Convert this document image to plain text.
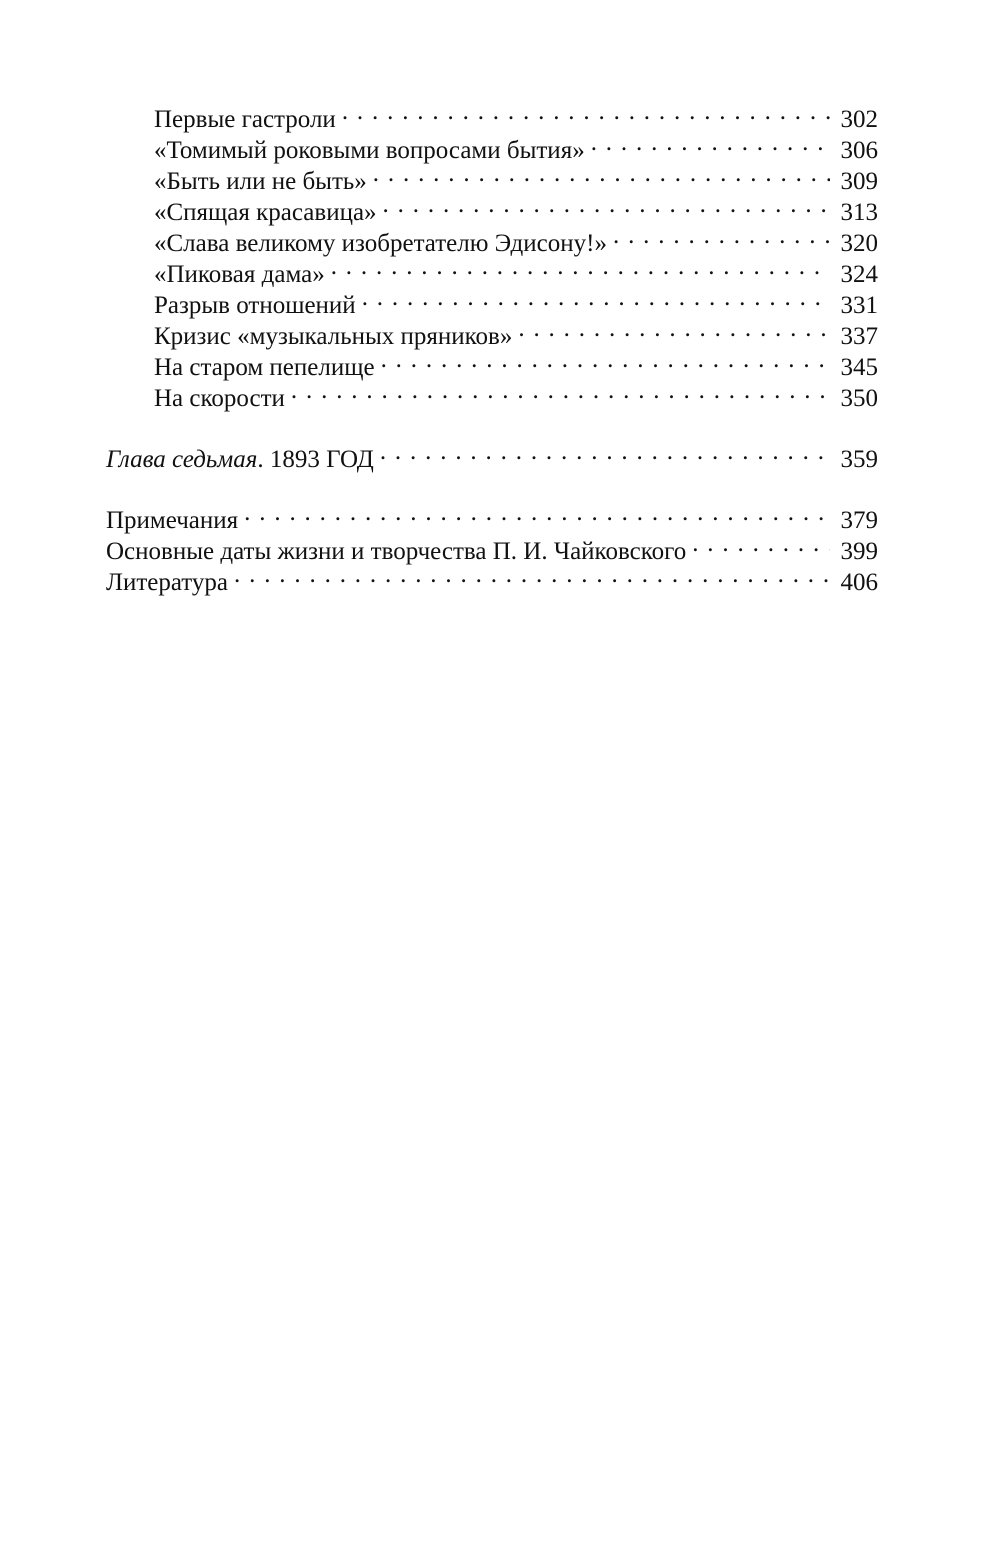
Первые гастроли . . .	302
«Томимый роковыми вопросами бытия» . . .	306
«Быть или не быть» . . .	309
«Спящая красавица» . . .	313
«Слава великому изобретателю Эдисону!» . . .	320
«Пиковая дама» . . .	324
Разрыв отношений . . .	331
Кризис «музыкальных пряников» . . .	337
На старом пепелище . . .	345
На скорости . . .	350
Глава седьмая. 1893 ГОД . . .	359
Примечания . . .	379
Основные даты жизни и творчества П. И. Чайковского . . .	399
Литература . . .	406
